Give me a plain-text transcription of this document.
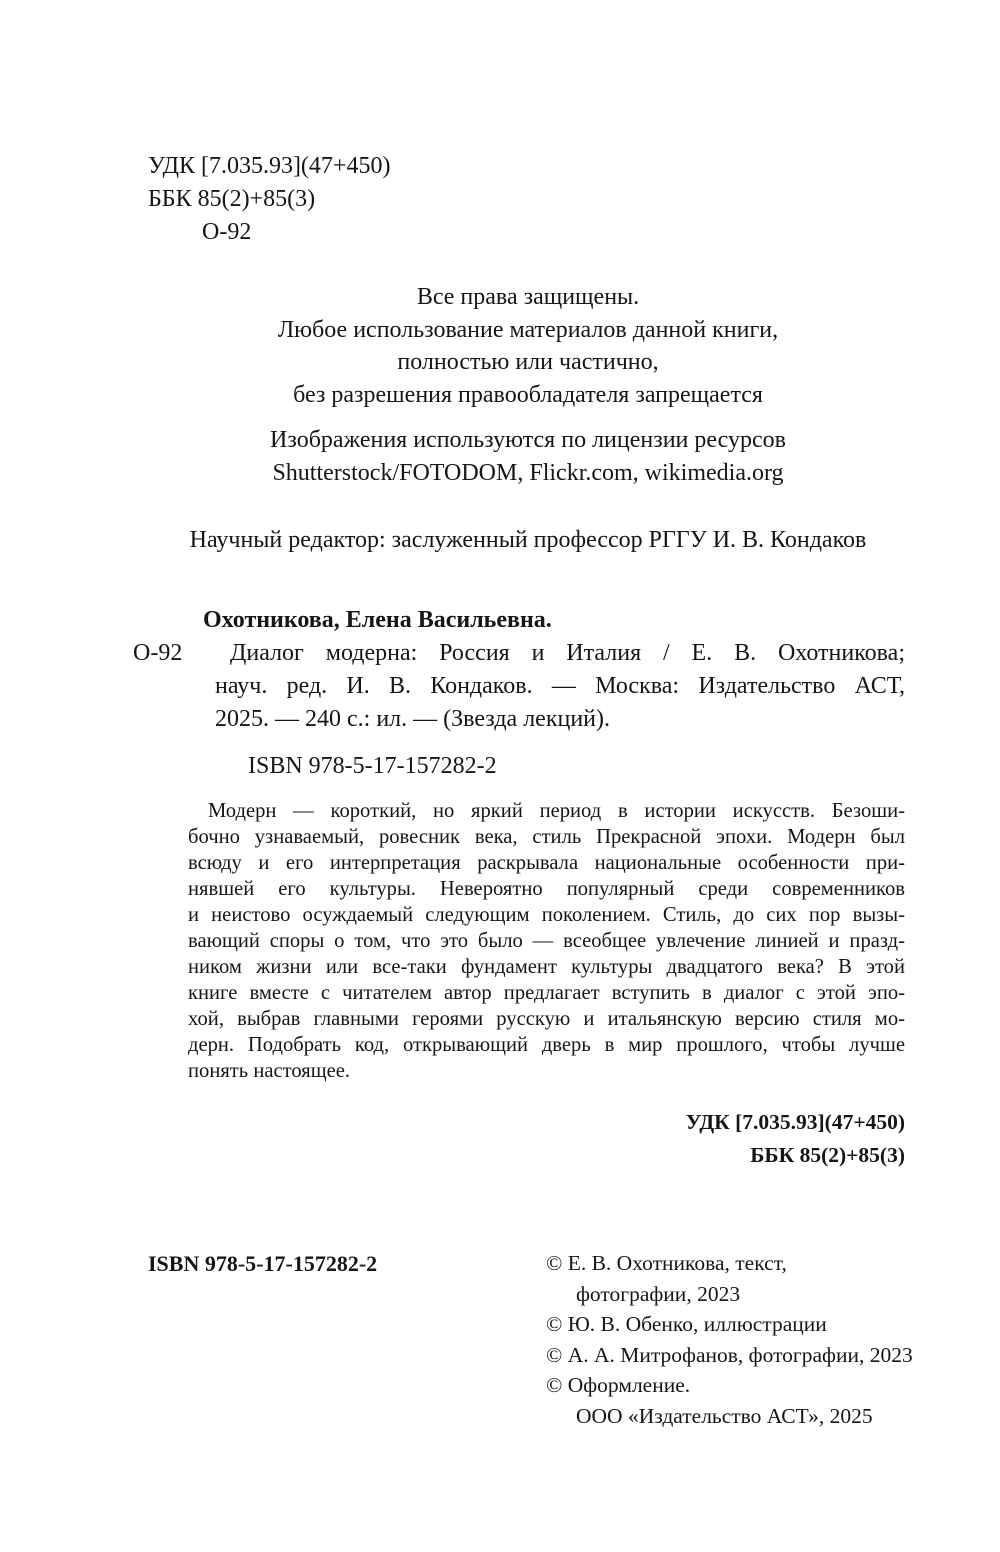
УДК [7.035.93](47+450)
ББК 85(2)+85(3)
О-92
Все права защищены.
Любое использование материалов данной книги,
полностью или частично,
без разрешения правообладателя запрещается
Изображения используются по лицензии ресурсов
Shutterstock/FOTODOM, Flickr.com, wikimedia.org
Научный редактор: заслуженный профессор РГГУ И. В. Кондаков
Охотникова, Елена Васильевна.
О-92	Диалог модерна: Россия и Италия / Е. В. Охотникова;
науч. ред. И. В. Кондаков. — Москва: Издательство АСТ,
2025. — 240 с.: ил. — (Звезда лекций).
ISBN 978-5-17-157282-2
Модерн — короткий, но яркий период в истории искусств. Безоши-
бочно узнаваемый, ровесник века, стиль Прекрасной эпохи. Модерн был
всюду и его интерпретация раскрывала национальные особенности при-
нявшей его культуры. Невероятно популярный среди современников
и неистово осуждаемый следующим поколением. Стиль, до сих пор вызы-
вающий споры о том, что это было — всеобщее увлечение линией и празд-
ником жизни или все-таки фундамент культуры двадцатого века? В этой
книге вместе с читателем автор предлагает вступить в диалог с этой эпо-
хой, выбрав главными героями русскую и итальянскую версию стиля мо-
дерн. Подобрать код, открывающий дверь в мир прошлого, чтобы лучше
понять настоящее.
УДК [7.035.93](47+450)
ББК 85(2)+85(3)
ISBN 978-5-17-157282-2	© Е. В. Охотникова, текст,
фотографии, 2023
© Ю. В. Обенко, иллюстрации
© А. А. Митрофанов, фотографии, 2023
© Оформление.
ООО «Издательство АСТ», 2025
